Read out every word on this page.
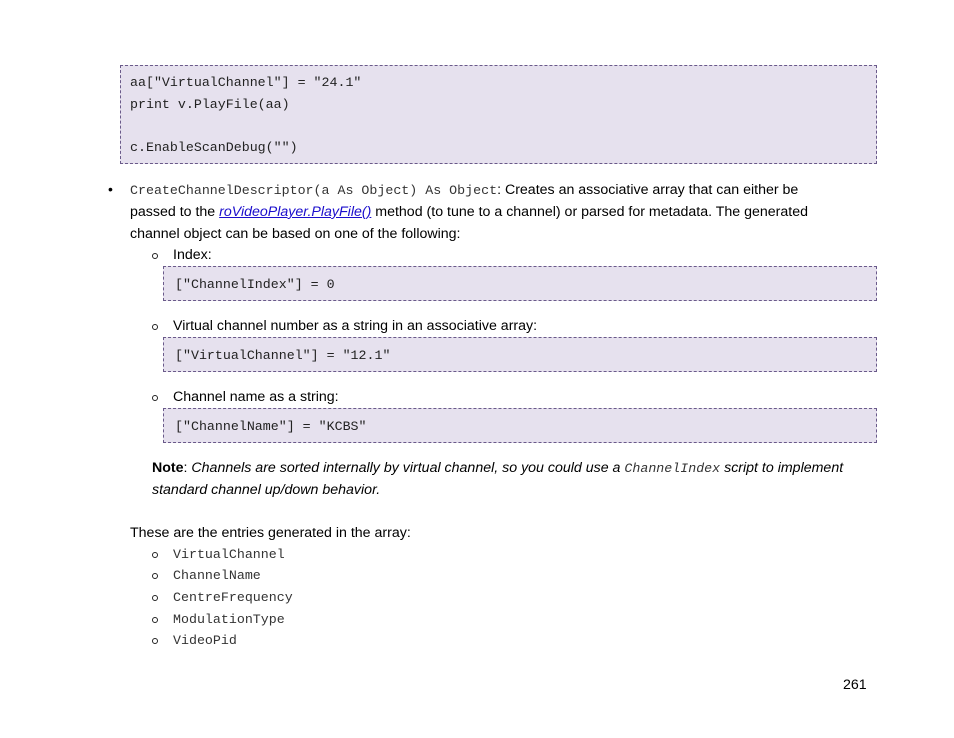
aa["VirtualChannel"] = "24.1"
print v.PlayFile(aa)
c.EnableScanDebug("")
• CreateChannelDescriptor(a As Object) As Object: Creates an associative array that can either be
passed to the roVideoPlayer.PlayFile() method (to tune to a channel) or parsed for metadata. The generated
channel object can be based on one of the following:
Index:
["ChannelIndex"] = 0
Virtual channel number as a string in an associative array:
["VirtualChannel"] = "12.1"
Channel name as a string:
["ChannelName"] = "KCBS"
Note: Channels are sorted internally by virtual channel, so you could use a ChannelIndex script to implement
standard channel up/down behavior.
These are the entries generated in the array:
VirtualChannel
ChannelName
CentreFrequency
ModulationType
VideoPid
261
